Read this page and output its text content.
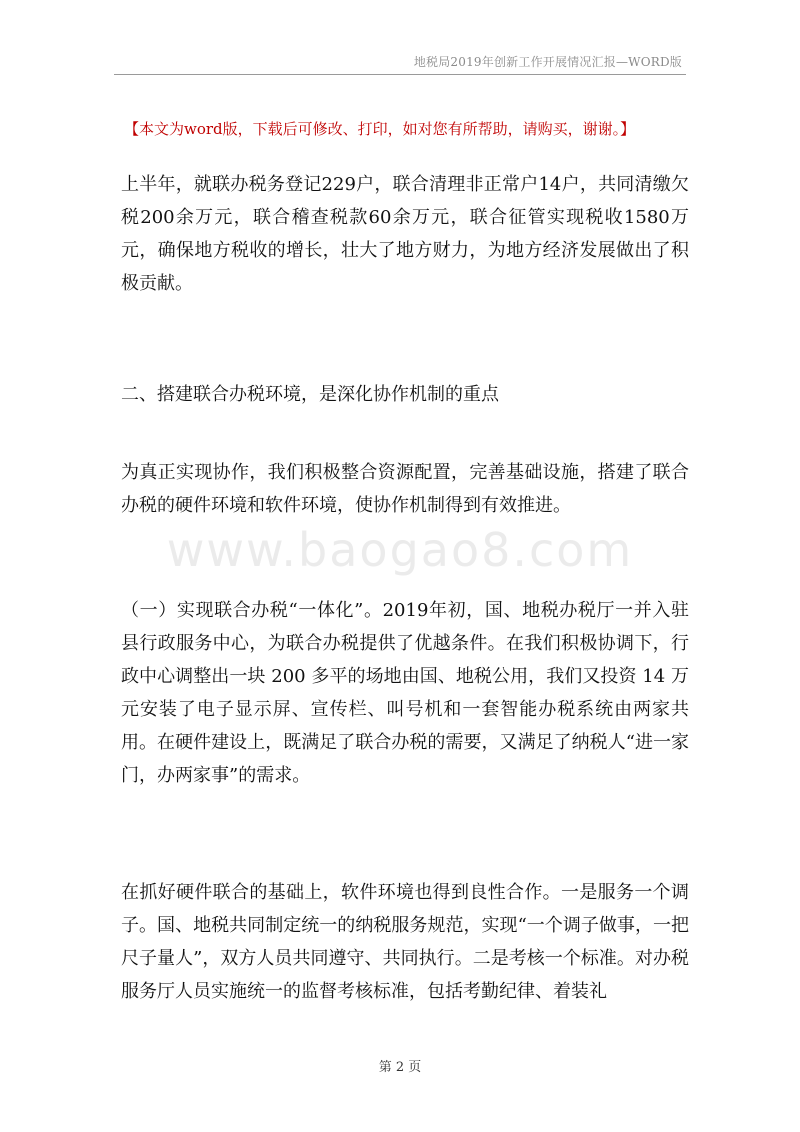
地税局2019年创新工作开展情况汇报—WORD版
【本文为word版，下载后可修改、打印，如对您有所帮助，请购买，谢谢。】
www.baogao8.com

上半年，就联办税务登记229户，联合清理非正常户14户，共同清缴欠税200余万元，联合稽查税款60余万元，联合征管实现税收1580万元，确保地方税收的增长，壮大了地方财力，为地方经济发展做出了积极贡献。

二、搭建联合办税环境，是深化协作机制的重点

为真正实现协作，我们积极整合资源配置，完善基础设施，搭建了联合办税的硬件环境和软件环境，使协作机制得到有效推进。

（一）实现联合办税“一体化”。2019年初，国、地税办税厅一并入驻县行政服务中心，为联合办税提供了优越条件。在我们积极协调下，行政中心调整出一块 200 多平的场地由国、地税公用，我们又投资 14 万元安装了电子显示屏、宣传栏、叫号机和一套智能办税系统由两家共用。在硬件建设上，既满足了联合办税的需要，又满足了纳税人“进一家门，办两家事”的需求。

在抓好硬件联合的基础上，软件环境也得到良性合作。一是服务一个调子。国、地税共同制定统一的纳税服务规范，实现“一个调子做事，一把尺子量人”，双方人员共同遵守、共同执行。二是考核一个标准。对办税服务厅人员实施统一的监督考核标准，包括考勤纪律、着装礼

第 2 页
